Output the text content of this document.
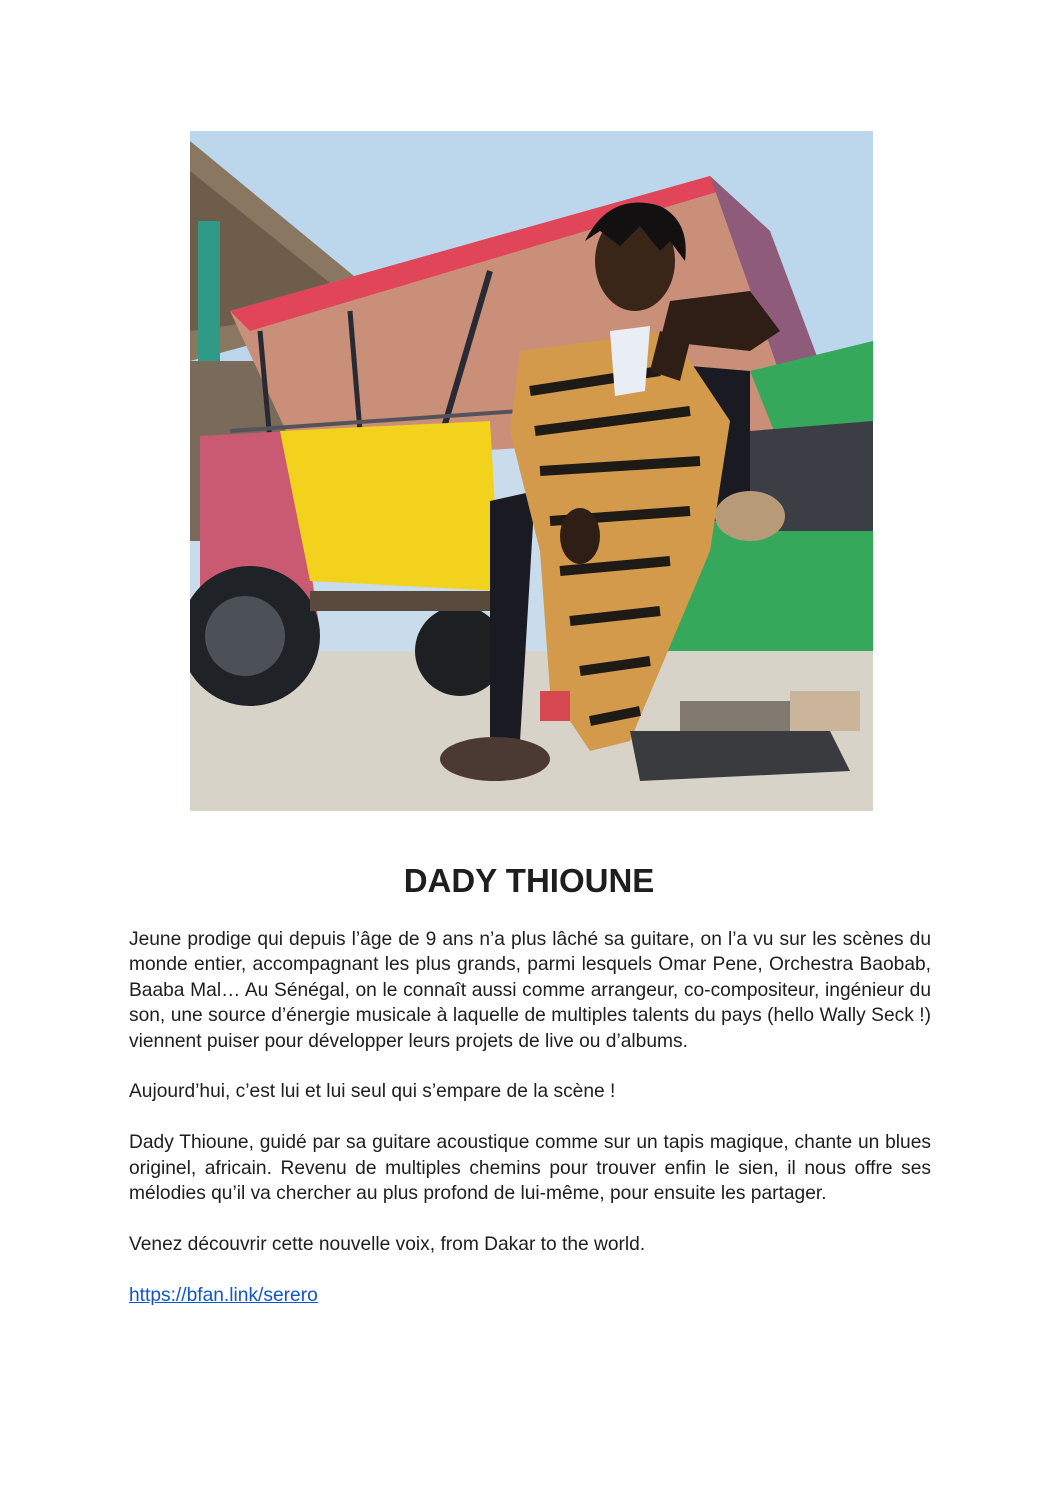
DADY THIOUNE

Jeune prodige qui depuis l’âge de 9 ans n’a plus lâché sa guitare, on l’a vu sur les scènes du monde entier, accompagnant les plus grands, parmi lesquels Omar Pene, Orchestra Baobab, Baaba Mal… Au Sénégal, on le connaît aussi comme arrangeur, co-compositeur, ingénieur du son, une source d’énergie musicale à laquelle de multiples talents du pays (hello Wally Seck !) viennent puiser pour développer leurs projets de live ou d’albums.

Aujourd’hui, c’est lui et lui seul qui s’empare de la scène !

Dady Thioune, guidé par sa guitare acoustique comme sur un tapis magique, chante un blues originel, africain. Revenu de multiples chemins pour trouver enfin le sien, il nous offre ses mélodies qu’il va chercher au plus profond de lui-même, pour ensuite les partager.

Venez découvrir cette nouvelle voix, from Dakar to the world.

https://bfan.link/serero
